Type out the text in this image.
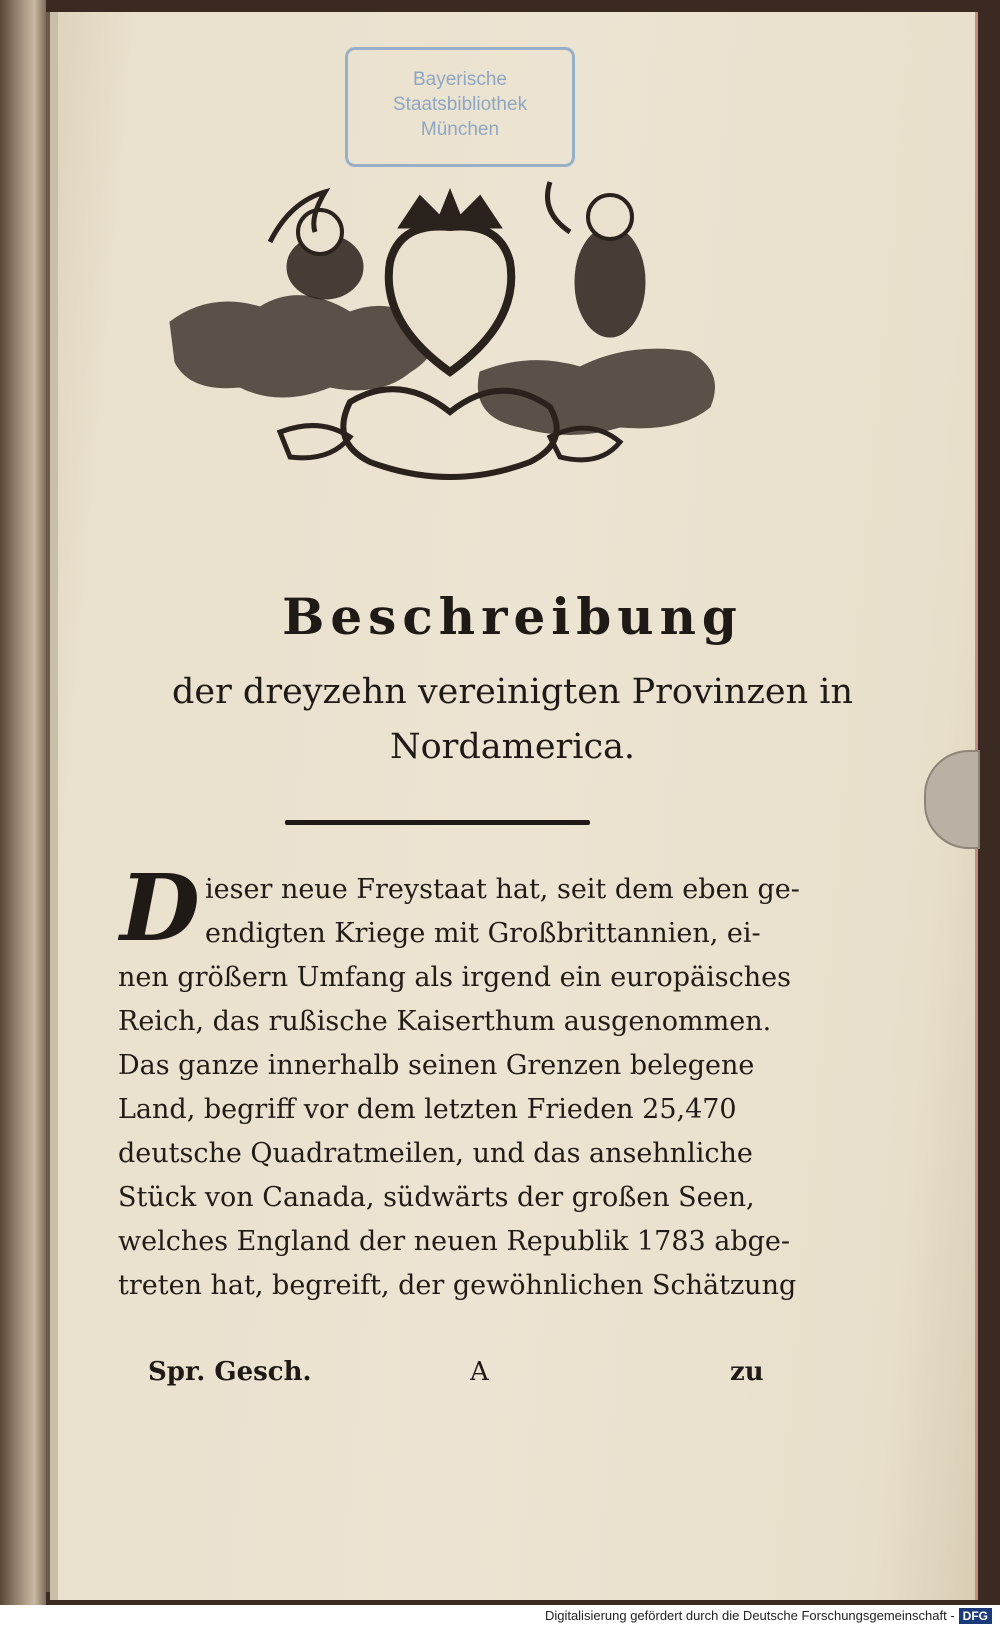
Bayerische
Staatsbibliothek
München
Beschreibung
der dreyzehn vereinigten Provinzen in
Nordamerica.
D ieser neue Freystaat hat, seit dem eben ge-
endigten Kriege mit Großbrittannien, ei-
nen größern Umfang als irgend ein europäisches
Reich, das rußische Kaiserthum ausgenommen.
Das ganze innerhalb seinen Grenzen belegene
Land, begriff vor dem letzten Frieden 25,470
deutsche Quadratmeilen, und das ansehnliche
Stück von Canada, südwärts der großen Seen,
welches England der neuen Republik 1783 abge-
treten hat, begreift, der gewöhnlichen Schätzung
Spr. Gesch.	A	zu
Digitalisierung gefördert durch die Deutsche Forschungsgemeinschaft - DFG
